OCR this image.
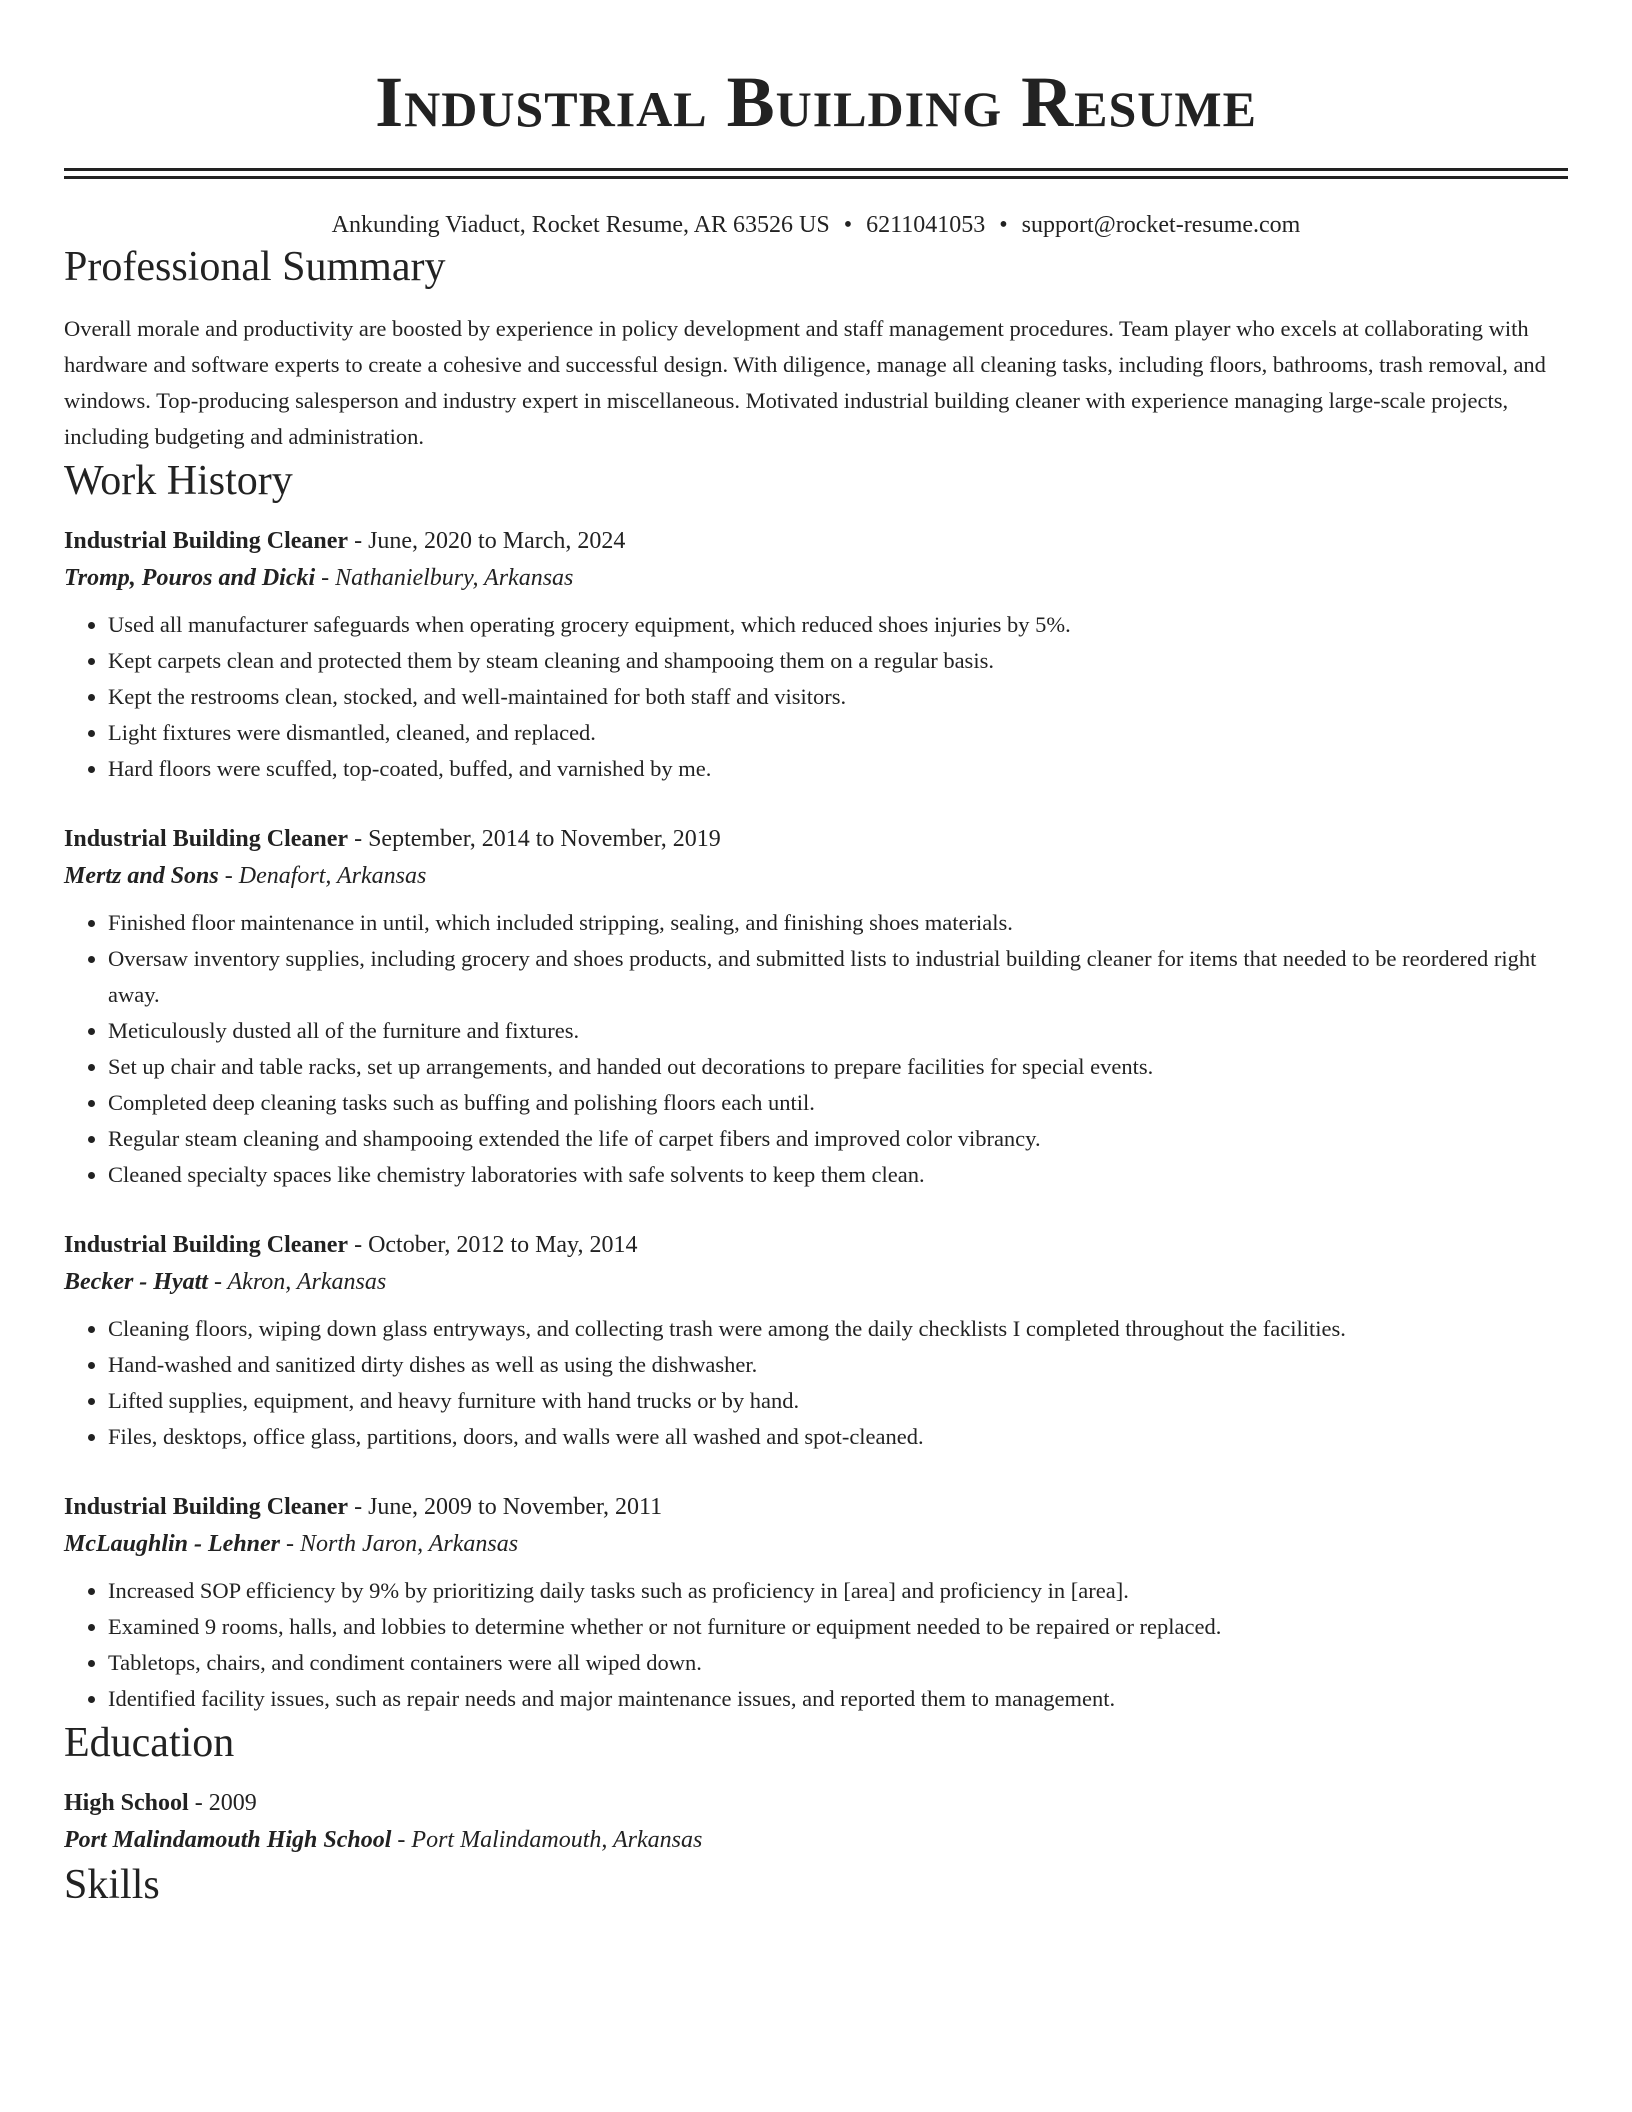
Industrial Building Resume
Ankunding Viaduct, Rocket Resume, AR 63526 US • 6211041053 • support@rocket-resume.com
Professional Summary

Overall morale and productivity are boosted by experience in policy development and staff management procedures. Team player who excels at collaborating with hardware and software experts to create a cohesive and successful design. With diligence, manage all cleaning tasks, including floors, bathrooms, trash removal, and windows. Top-producing salesperson and industry expert in miscellaneous. Motivated industrial building cleaner with experience managing large-scale projects, including budgeting and administration.

Work History
Industrial Building Cleaner - June, 2020 to March, 2024
Tromp, Pouros and Dicki - Nathanielbury, Arkansas
• Used all manufacturer safeguards when operating grocery equipment, which reduced shoes injuries by 5%.
• Kept carpets clean and protected them by steam cleaning and shampooing them on a regular basis.
• Kept the restrooms clean, stocked, and well-maintained for both staff and visitors.
• Light fixtures were dismantled, cleaned, and replaced.
• Hard floors were scuffed, top-coated, buffed, and varnished by me.
Industrial Building Cleaner - September, 2014 to November, 2019
Mertz and Sons - Denafort, Arkansas
• Finished floor maintenance in until, which included stripping, sealing, and finishing shoes materials.
• Oversaw inventory supplies, including grocery and shoes products, and submitted lists to industrial building cleaner for items that needed to be reordered right away.
• Meticulously dusted all of the furniture and fixtures.
• Set up chair and table racks, set up arrangements, and handed out decorations to prepare facilities for special events.
• Completed deep cleaning tasks such as buffing and polishing floors each until.
• Regular steam cleaning and shampooing extended the life of carpet fibers and improved color vibrancy.
• Cleaned specialty spaces like chemistry laboratories with safe solvents to keep them clean.
Industrial Building Cleaner - October, 2012 to May, 2014
Becker - Hyatt - Akron, Arkansas
• Cleaning floors, wiping down glass entryways, and collecting trash were among the daily checklists I completed throughout the facilities.
• Hand-washed and sanitized dirty dishes as well as using the dishwasher.
• Lifted supplies, equipment, and heavy furniture with hand trucks or by hand.
• Files, desktops, office glass, partitions, doors, and walls were all washed and spot-cleaned.
Industrial Building Cleaner - June, 2009 to November, 2011
McLaughlin - Lehner - North Jaron, Arkansas
• Increased SOP efficiency by 9% by prioritizing daily tasks such as proficiency in [area] and proficiency in [area].
• Examined 9 rooms, halls, and lobbies to determine whether or not furniture or equipment needed to be repaired or replaced.
• Tabletops, chairs, and condiment containers were all wiped down.
• Identified facility issues, such as repair needs and major maintenance issues, and reported them to management.
Education
High School - 2009
Port Malindamouth High School - Port Malindamouth, Arkansas
Skills
